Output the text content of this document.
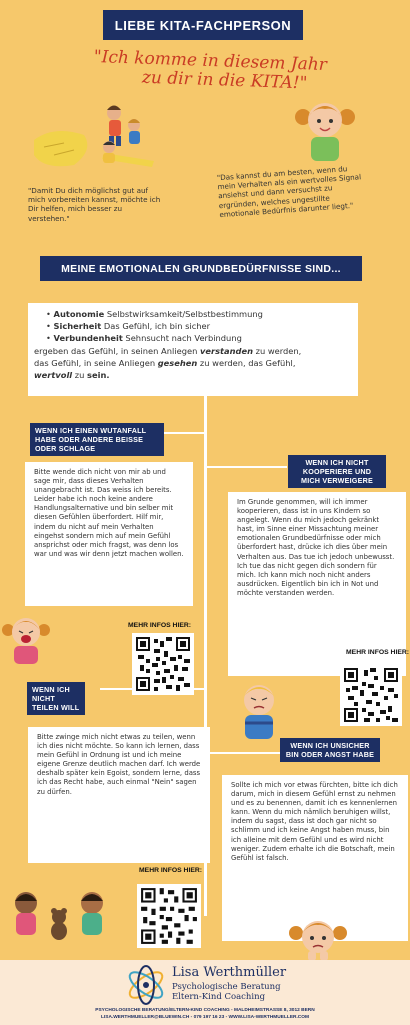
LIEBE KITA-FACHPERSON
"Ich komme in diesem Jahr
zu dir in die KITA!"
"Damit Du dich möglichst gut auf mich vorbereiten kannst, möchte ich Dir helfen, mich besser zu verstehen."
"Das kannst du am besten, wenn du mein Verhalten als ein wertvolles Signal ansiehst und dann versuchst zu ergründen, welches ungestillte emotionale Bedürfnis darunter liegt."
MEINE EMOTIONALEN GRUNDBEDÜRFNISSE SIND...
• Autonomie Selbstwirksamkeit/Selbstbestimmung
• Sicherheit Das Gefühl, ich bin sicher
• Verbundenheit Sehnsucht nach Verbindung
ergeben das Gefühl, in seinen Anliegen verstanden zu werden,
das Gefühl, in seine Anliegen gesehen zu werden, das Gefühl,
wertvoll zu sein.
WENN ICH EINEN WUTANFALL HABE ODER ANDERE BEISSE ODER SCHLAGE
Bitte wende dich nicht von mir ab und sage mir, dass dieses Verhalten unangebracht ist. Das weiss ich bereits. Leider habe ich noch keine andere Handlungsalternative und bin selber mit diesen Gefühlen überfordert. Hilf mir, indem du nicht auf mein Verhalten eingehst sondern mich auf mein Gefühl ansprichst oder mich fragst, was denn los war und was wir denn jetzt machen wollen.
WENN ICH NICHT KOOPERIERE UND MICH VERWEIGERE
Im Grunde genommen, will ich immer kooperieren, dass ist in uns Kindern so angelegt. Wenn du mich jedoch gekränkt hast, im Sinne einer Missachtung meiner emotionalen Grundbedürfnisse oder mich überfordert hast, drücke ich dies über mein Verhalten aus. Das tue ich jedoch unbewusst. Ich tue das nicht gegen dich sondern für mich. Ich kann mich noch nicht anders ausdrücken. Eigentlich bin ich in Not und möchte verstanden werden.
MEHR INFOS HIER:
MEHR INFOS HIER:
WENN ICH NICHT TEILEN WILL
Bitte zwinge mich nicht etwas zu teilen, wenn ich dies nicht möchte. So kann ich lernen, dass mein Gefühl in Ordnung ist und ich meine eigene Grenze deutlich machen darf. Ich werde deshalb später kein Egoist, sondern lerne, dass ich das Recht habe, auch einmal "Nein" sagen zu dürfen.
WENN ICH UNSICHER BIN ODER ANGST HABE
Sollte ich mich vor etwas fürchten, bitte ich dich darum, mich in diesem Gefühl ernst zu nehmen und es zu benennen, damit ich es kennenlernen kann. Wenn du mich nämlich beruhigen willst, indem du sagst, dass ist doch gar nicht so schlimm und ich keine Angst haben muss, bin ich alleine mit dem Gefühl und es wird nicht weniger. Zudem erhalte ich die Botschaft, mein Gefühl ist falsch.
MEHR INFOS HIER:
Lisa Werthmüller
Psychologische Beratung
Eltern-Kind Coaching
PSYCHOLOGISCHE BERATUNG/ELTERN-KIND COACHING - MALDHEIMSTRASSE 8, 3012 BERN
LISA.WERTHMUELLER@BLUEWIN.CH - 079 197 16 23 - WWW.LISA-WERTHMUELLER.COM
